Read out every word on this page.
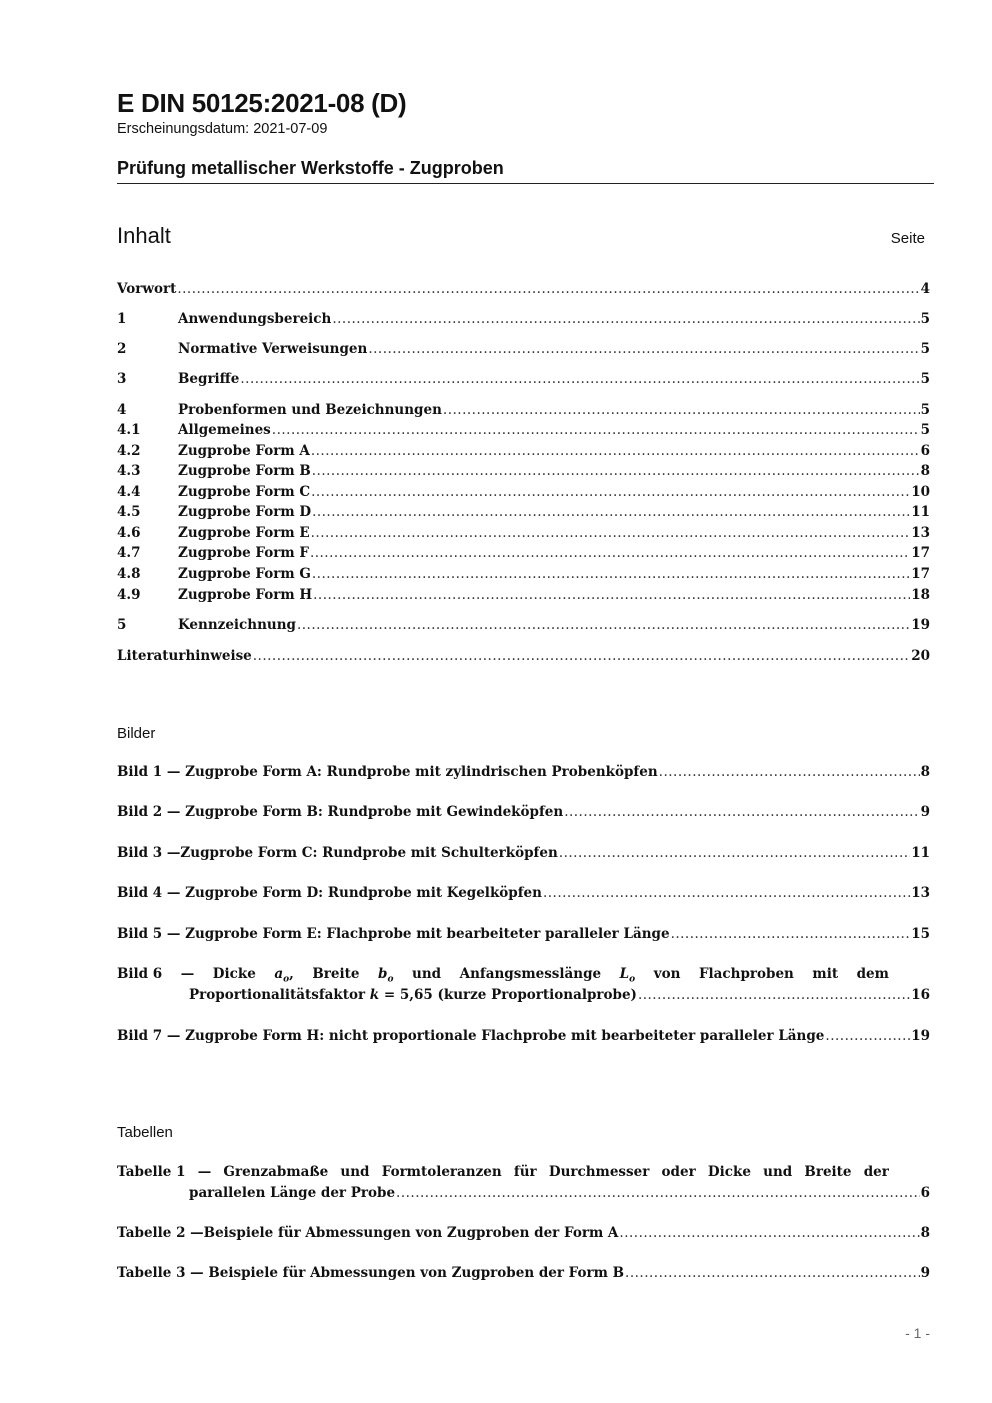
E DIN 50125:2021-08 (D)
Erscheinungsdatum: 2021-07-09
Prüfung metallischer Werkstoffe - Zugproben
Inhalt	Seite
Vorwort .....	4
1	Anwendungsbereich .....	5
2	Normative Verweisungen .....	5
3	Begriffe .....	5
4	Probenformen und Bezeichnungen .....	5
4.1	Allgemeines .....	5
4.2	Zugprobe Form A .....	6
4.3	Zugprobe Form B .....	8
4.4	Zugprobe Form C .....	10
4.5	Zugprobe Form D .....	11
4.6	Zugprobe Form E .....	13
4.7	Zugprobe Form F .....	17
4.8	Zugprobe Form G .....	17
4.9	Zugprobe Form H .....	18
5	Kennzeichnung .....	19
Literaturhinweise .....	20
Bilder
Bild 1 — Zugprobe Form A: Rundprobe mit zylindrischen Probenköpfen .....	8
Bild 2 — Zugprobe Form B: Rundprobe mit Gewindeköpfen .....	9
Bild 3 —Zugprobe Form C: Rundprobe mit Schulterköpfen .....	11
Bild 4 — Zugprobe Form D: Rundprobe mit Kegelköpfen .....	13
Bild 5 — Zugprobe Form E: Flachprobe mit bearbeiteter paralleler Länge .....	15
Bild 6 — Dicke $a_o$, Breite $b_o$ und Anfangsmesslänge $L_o$ von Flachproben mit dem
Proportionalitätsfaktor k = 5,65 (kurze Proportionalprobe) .....	16
Bild 7 — Zugprobe Form H: nicht proportionale Flachprobe mit bearbeiteter paralleler Länge .....	19
Tabellen
Tabelle 1 — Grenzabmaße und Formtoleranzen für Durchmesser oder Dicke und Breite der
parallelen Länge der Probe .....	6
Tabelle 2 —Beispiele für Abmessungen von Zugproben der Form A .....	8
Tabelle 3 — Beispiele für Abmessungen von Zugproben der Form B .....	9
- 1 -
